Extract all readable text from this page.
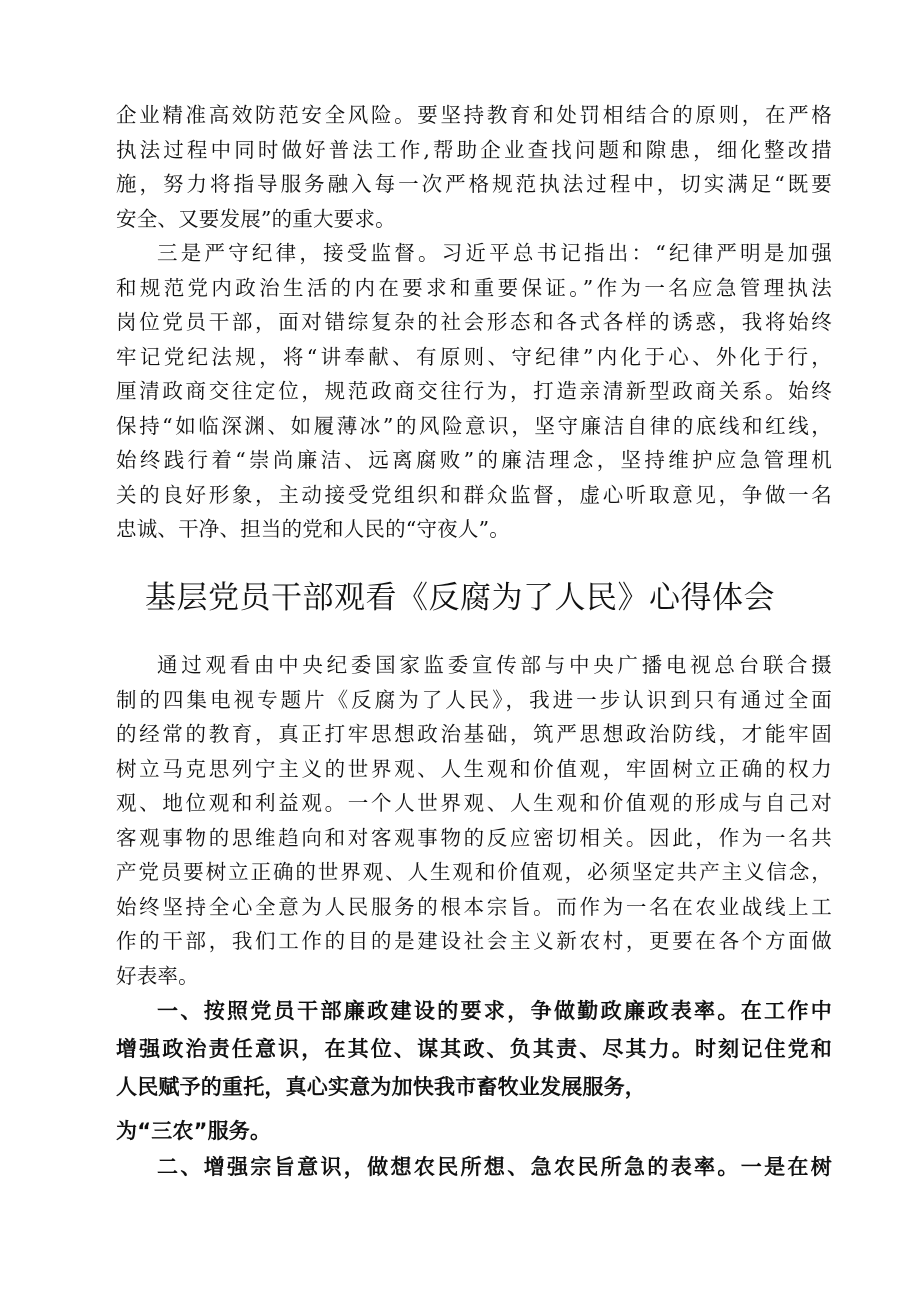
企业精准高效防范安全风险。要坚持教育和处罚相结合的原则，在严格
执法过程中同时做好普法工作,帮助企业查找问题和隙患，细化整改措
施，努力将指导服务融入每一次严格规范执法过程中，切实满足“既要
安全、又要发展”的重大要求。
三是严守纪律，接受监督。习近平总书记指出：“纪律严明是加强
和规范党内政治生活的内在要求和重要保证。”作为一名应急管理执法
岗位党员干部，面对错综复杂的社会形态和各式各样的诱惑，我将始终
牢记党纪法规，将“讲奉献、有原则、守纪律”内化于心、外化于行，
厘清政商交往定位，规范政商交往行为，打造亲清新型政商关系。始终
保持“如临深渊、如履薄冰”的风险意识，坚守廉洁自律的底线和红线，
始终践行着“崇尚廉洁、远离腐败”的廉洁理念，坚持维护应急管理机
关的良好形象，主动接受党组织和群众监督，虚心听取意见，争做一名
忠诚、干净、担当的党和人民的“守夜人”。
基层党员干部观看《反腐为了人民》心得体会
通过观看由中央纪委国家监委宣传部与中央广播电视总台联合摄
制的四集电视专题片《反腐为了人民》，我进一步认识到只有通过全面
的经常的教育，真正打牢思想政治基础，筑严思想政治防线，才能牢固
树立马克思列宁主义的世界观、人生观和价值观，牢固树立正确的权力
观、地位观和利益观。一个人世界观、人生观和价值观的形成与自己对
客观事物的思维趋向和对客观事物的反应密切相关。因此，作为一名共
产党员要树立正确的世界观、人生观和价值观，必须坚定共产主义信念，
始终坚持全心全意为人民服务的根本宗旨。而作为一名在农业战线上工
作的干部，我们工作的目的是建设社会主义新农村，更要在各个方面做
好表率。
一、按照党员干部廉政建设的要求，争做勤政廉政表率。在工作中
增强政治责任意识，在其位、谋其政、负其责、尽其力。时刻记住党和
人民赋予的重托，真心实意为加快我市畜牧业发展服务，
为“三农”服务。
二、增强宗旨意识，做想农民所想、急农民所急的表率。一是在树
